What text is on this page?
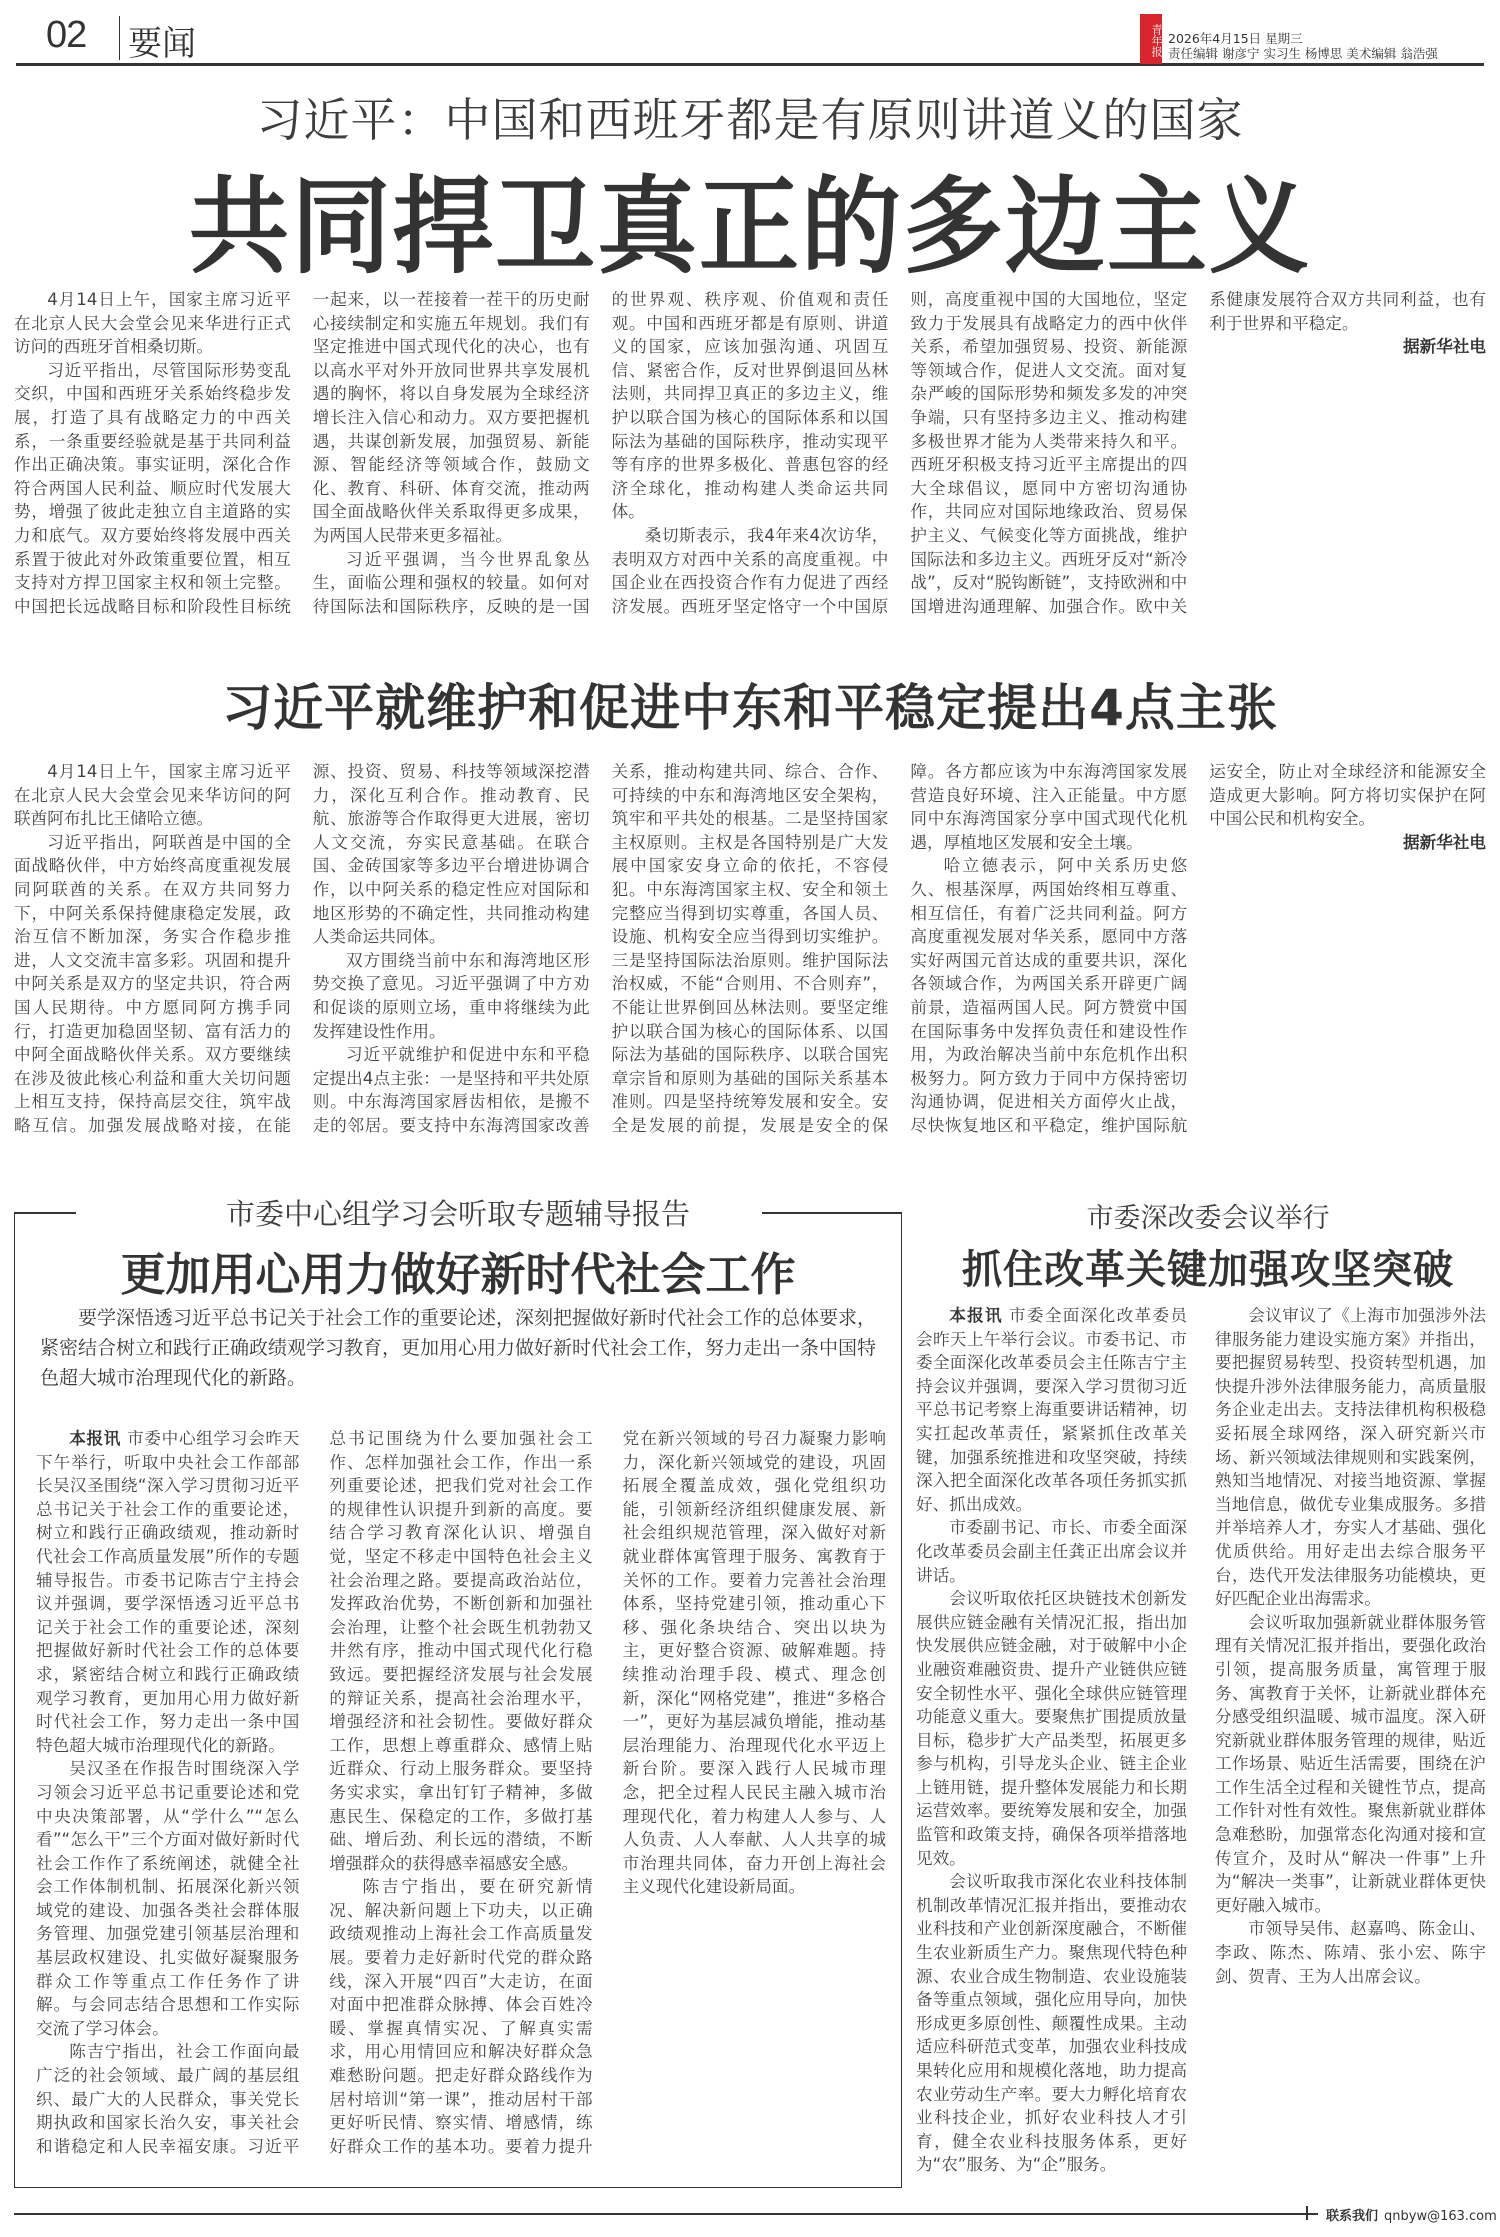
02 要闻	青年报 2026年4月15日 星期三
责任编辑 谢彦宁 实习生 杨博思 美术编辑 翁浩强
习近平：中国和西班牙都是有原则讲道义的国家
共同捍卫真正的多边主义

4月14日上午，国家主席习近平在北京人民大会堂会见来华进行正式访问的西班牙首相桑切斯。

习近平指出，尽管国际形势变乱交织，中国和西班牙关系始终稳步发展，打造了具有战略定力的中西关系，一条重要经验就是基于共同利益作出正确决策。事实证明，深化合作符合两国人民利益、顺应时代发展大势，增强了彼此走独立自主道路的实力和底气。双方要始终将发展中西关系置于彼此对外政策重要位置，相互支持对方捍卫国家主权和领土完整。中国把长远战略目标和阶段性目标统一起来，以一茬接着一茬干的历史耐心接续制定和实施五年规划。我们有坚定推进中国式现代化的决心，也有以高水平对外开放同世界共享发展机遇的胸怀，将以自身发展为全球经济增长注入信心和动力。双方要把握机遇，共谋创新发展，加强贸易、新能源、智能经济等领域合作，鼓励文化、教育、科研、体育交流，推动两国全面战略伙伴关系取得更多成果，为两国人民带来更多福祉。

习近平强调，当今世界乱象丛生，面临公理和强权的较量。如何对待国际法和国际秩序，反映的是一国的世界观、秩序观、价值观和责任观。中国和西班牙都是有原则、讲道义的国家，应该加强沟通、巩固互信、紧密合作，反对世界倒退回丛林法则，共同捍卫真正的多边主义，维护以联合国为核心的国际体系和以国际法为基础的国际秩序，推动实现平等有序的世界多极化、普惠包容的经济全球化，推动构建人类命运共同体。

桑切斯表示，我4年来4次访华，表明双方对西中关系的高度重视。中国企业在西投资合作有力促进了西经济发展。西班牙坚定恪守一个中国原则，高度重视中国的大国地位，坚定致力于发展具有战略定力的西中伙伴关系，希望加强贸易、投资、新能源等领域合作，促进人文交流。面对复杂严峻的国际形势和频发多发的冲突争端，只有坚持多边主义、推动构建多极世界才能为人类带来持久和平。西班牙积极支持习近平主席提出的四大全球倡议，愿同中方密切沟通协作，共同应对国际地缘政治、贸易保护主义、气候变化等方面挑战，维护国际法和多边主义。西班牙反对“新冷战”，反对“脱钩断链”，支持欧洲和中国增进沟通理解、加强合作。欧中关系健康发展符合双方共同利益，也有利于世界和平稳定。

据新华社电

习近平就维护和促进中东和平稳定提出4点主张

4月14日上午，国家主席习近平在北京人民大会堂会见来华访问的阿联酋阿布扎比王储哈立德。

习近平指出，阿联酋是中国的全面战略伙伴，中方始终高度重视发展同阿联酋的关系。在双方共同努力下，中阿关系保持健康稳定发展，政治互信不断加深，务实合作稳步推进，人文交流丰富多彩。巩固和提升中阿关系是双方的坚定共识，符合两国人民期待。中方愿同阿方携手同行，打造更加稳固坚韧、富有活力的中阿全面战略伙伴关系。双方要继续在涉及彼此核心利益和重大关切问题上相互支持，保持高层交往，筑牢战略互信。加强发展战略对接，在能源、投资、贸易、科技等领域深挖潜力，深化互利合作。推动教育、民航、旅游等合作取得更大进展，密切人文交流，夯实民意基础。在联合国、金砖国家等多边平台增进协调合作，以中阿关系的稳定性应对国际和地区形势的不确定性，共同推动构建人类命运共同体。

双方围绕当前中东和海湾地区形势交换了意见。习近平强调了中方劝和促谈的原则立场，重申将继续为此发挥建设性作用。

习近平就维护和促进中东和平稳定提出4点主张：一是坚持和平共处原则。中东海湾国家唇齿相依，是搬不走的邻居。要支持中东海湾国家改善关系，推动构建共同、综合、合作、可持续的中东和海湾地区安全架构，筑牢和平共处的根基。二是坚持国家主权原则。主权是各国特别是广大发展中国家安身立命的依托，不容侵犯。中东海湾国家主权、安全和领土完整应当得到切实尊重，各国人员、设施、机构安全应当得到切实维护。三是坚持国际法治原则。维护国际法治权威，不能“合则用、不合则弃”，不能让世界倒回丛林法则。要坚定维护以联合国为核心的国际体系、以国际法为基础的国际秩序、以联合国宪章宗旨和原则为基础的国际关系基本准则。四是坚持统筹发展和安全。安全是发展的前提，发展是安全的保障。各方都应该为中东海湾国家发展营造良好环境、注入正能量。中方愿同中东海湾国家分享中国式现代化机遇，厚植地区发展和安全土壤。

哈立德表示，阿中关系历史悠久、根基深厚，两国始终相互尊重、相互信任，有着广泛共同利益。阿方高度重视发展对华关系，愿同中方落实好两国元首达成的重要共识，深化各领域合作，为两国关系开辟更广阔前景，造福两国人民。阿方赞赏中国在国际事务中发挥负责任和建设性作用，为政治解决当前中东危机作出积极努力。阿方致力于同中方保持密切沟通协调，促进相关方面停火止战，尽快恢复地区和平稳定，维护国际航运安全，防止对全球经济和能源安全造成更大影响。阿方将切实保护在阿中国公民和机构安全。

据新华社电

市委中心组学习会听取专题辅导报告
更加用心用力做好新时代社会工作
要学深悟透习近平总书记关于社会工作的重要论述，深刻把握做好新时代社会工作的总体要求，紧密结合树立和践行正确政绩观学习教育，更加用心用力做好新时代社会工作，努力走出一条中国特色超大城市治理现代化的新路。

本报讯 市委中心组学习会昨天下午举行，听取中央社会工作部部长吴汉圣围绕“深入学习贯彻习近平总书记关于社会工作的重要论述，树立和践行正确政绩观，推动新时代社会工作高质量发展”所作的专题辅导报告。市委书记陈吉宁主持会议并强调，要学深悟透习近平总书记关于社会工作的重要论述，深刻把握做好新时代社会工作的总体要求，紧密结合树立和践行正确政绩观学习教育，更加用心用力做好新时代社会工作，努力走出一条中国特色超大城市治理现代化的新路。

吴汉圣在作报告时围绕深入学习领会习近平总书记重要论述和党中央决策部署，从“学什么”“怎么看”“怎么干”三个方面对做好新时代社会工作作了系统阐述，就健全社会工作体制机制、拓展深化新兴领域党的建设、加强各类社会群体服务管理、加强党建引领基层治理和基层政权建设、扎实做好凝聚服务群众工作等重点工作任务作了讲解。与会同志结合思想和工作实际交流了学习体会。

陈吉宁指出，社会工作面向最广泛的社会领域、最广阔的基层组织、最广大的人民群众，事关党长期执政和国家长治久安，事关社会和谐稳定和人民幸福安康。习近平总书记围绕为什么要加强社会工作、怎样加强社会工作，作出一系列重要论述，把我们党对社会工作的规律性认识提升到新的高度。要结合学习教育深化认识、增强自觉，坚定不移走中国特色社会主义社会治理之路。要提高政治站位，发挥政治优势，不断创新和加强社会治理，让整个社会既生机勃勃又井然有序，推动中国式现代化行稳致远。要把握经济发展与社会发展的辩证关系，提高社会治理水平，增强经济和社会韧性。要做好群众工作，思想上尊重群众、感情上贴近群众、行动上服务群众。要坚持务实求实，拿出钉钉子精神，多做惠民生、保稳定的工作，多做打基础、增后劲、利长远的潜绩，不断增强群众的获得感幸福感安全感。

陈吉宁指出，要在研究新情况、解决新问题上下功夫，以正确政绩观推动上海社会工作高质量发展。要着力走好新时代党的群众路线，深入开展“四百”大走访，在面对面中把准群众脉搏、体会百姓冷暖、掌握真情实况、了解真实需求，用心用情回应和解决好群众急难愁盼问题。把走好群众路线作为居村培训“第一课”，推动居村干部更好听民情、察实情、增感情，练好群众工作的基本功。要着力提升党在新兴领域的号召力凝聚力影响力，深化新兴领域党的建设，巩固拓展全覆盖成效，强化党组织功能，引领新经济组织健康发展、新社会组织规范管理，深入做好对新就业群体寓管理于服务、寓教育于关怀的工作。要着力完善社会治理体系，坚持党建引领，推动重心下移、强化条块结合、突出以块为主，更好整合资源、破解难题。持续推动治理手段、模式、理念创新，深化“网格党建”，推进“多格合一”，更好为基层减负增能，推动基层治理能力、治理现代化水平迈上新台阶。要深入践行人民城市理念，把全过程人民民主融入城市治理现代化，着力构建人人参与、人人负责、人人奉献、人人共享的城市治理共同体，奋力开创上海社会主义现代化建设新局面。

市委深改委会议举行
抓住改革关键加强攻坚突破

本报讯 市委全面深化改革委员会昨天上午举行会议。市委书记、市委全面深化改革委员会主任陈吉宁主持会议并强调，要深入学习贯彻习近平总书记考察上海重要讲话精神，切实扛起改革责任，紧紧抓住改革关键，加强系统推进和攻坚突破，持续深入把全面深化改革各项任务抓实抓好、抓出成效。

市委副书记、市长、市委全面深化改革委员会副主任龚正出席会议并讲话。

会议听取依托区块链技术创新发展供应链金融有关情况汇报，指出加快发展供应链金融，对于破解中小企业融资难融资贵、提升产业链供应链安全韧性水平、强化全球供应链管理功能意义重大。要聚焦扩围提质放量目标，稳步扩大产品类型，拓展更多参与机构，引导龙头企业、链主企业上链用链，提升整体发展能力和长期运营效率。要统筹发展和安全，加强监管和政策支持，确保各项举措落地见效。

会议听取我市深化农业科技体制机制改革情况汇报并指出，要推动农业科技和产业创新深度融合，不断催生农业新质生产力。聚焦现代特色种源、农业合成生物制造、农业设施装备等重点领域，强化应用导向，加快形成更多原创性、颠覆性成果。主动适应科研范式变革，加强农业科技成果转化应用和规模化落地，助力提高农业劳动生产率。要大力孵化培育农业科技企业，抓好农业科技人才引育，健全农业科技服务体系，更好为“农”服务、为“企”服务。

会议审议了《上海市加强涉外法律服务能力建设实施方案》并指出，要把握贸易转型、投资转型机遇，加快提升涉外法律服务能力，高质量服务企业走出去。支持法律机构积极稳妥拓展全球网络，深入研究新兴市场、新兴领域法律规则和实践案例，熟知当地情况、对接当地资源、掌握当地信息，做优专业集成服务。多措并举培养人才，夯实人才基础、强化优质供给。用好走出去综合服务平台，迭代开发法律服务功能模块，更好匹配企业出海需求。

会议听取加强新就业群体服务管理有关情况汇报并指出，要强化政治引领，提高服务质量，寓管理于服务、寓教育于关怀，让新就业群体充分感受组织温暖、城市温度。深入研究新就业群体服务管理的规律，贴近工作场景、贴近生活需要，围绕在沪工作生活全过程和关键性节点，提高工作针对性有效性。聚焦新就业群体急难愁盼，加强常态化沟通对接和宣传宣介，及时从“解决一件事”上升为“解决一类事”，让新就业群体更快更好融入城市。

市领导吴伟、赵嘉鸣、陈金山、李政、陈杰、陈靖、张小宏、陈宇剑、贺青、王为人出席会议。

联系我们 qnbyw@163.com
